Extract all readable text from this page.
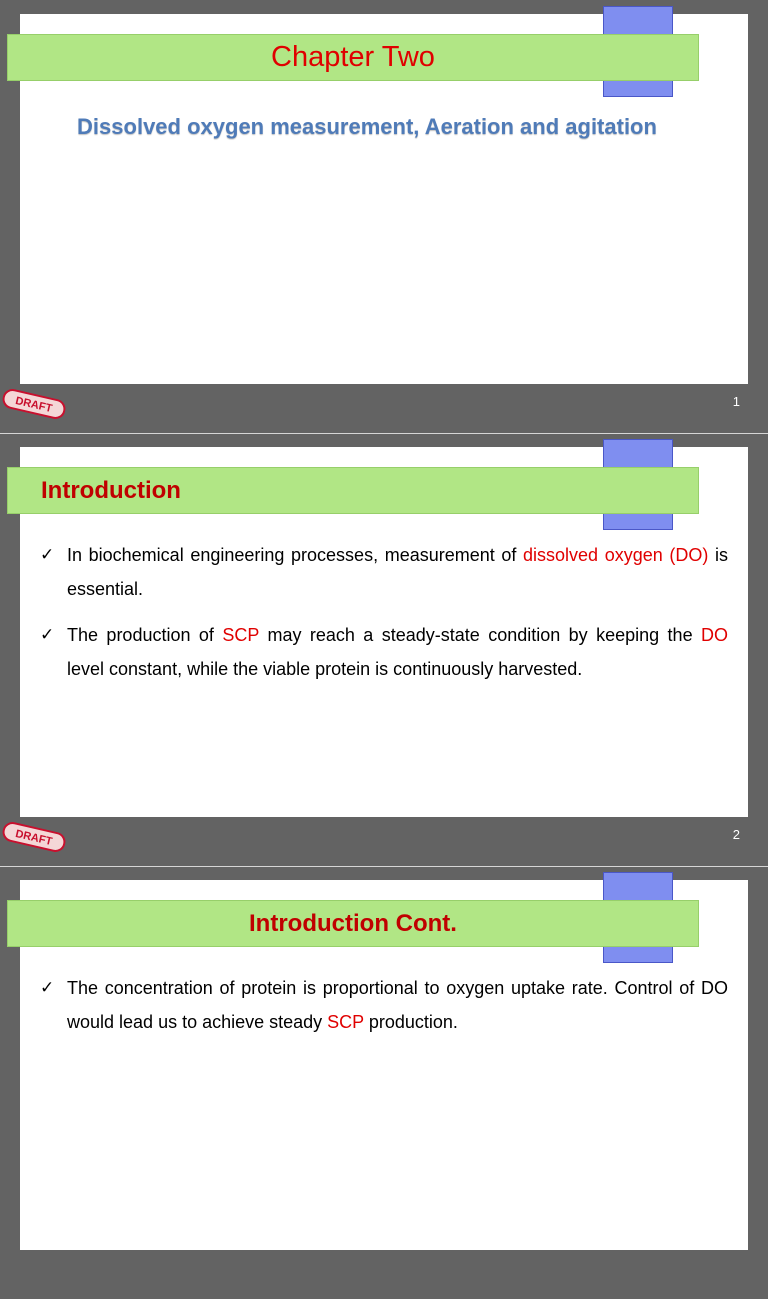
Chapter Two
Dissolved oxygen measurement, Aeration and agitation
DRAFT	1
Introduction
✓ In biochemical engineering processes, measurement of dissolved oxygen (DO) is essential.
✓ The production of SCP may reach a steady-state condition by keeping the DO level constant, while the viable protein is continuously harvested.
DRAFT	2
Introduction Cont.
✓ The concentration of protein is proportional to oxygen uptake rate. Control of DO would lead us to achieve steady SCP production.
